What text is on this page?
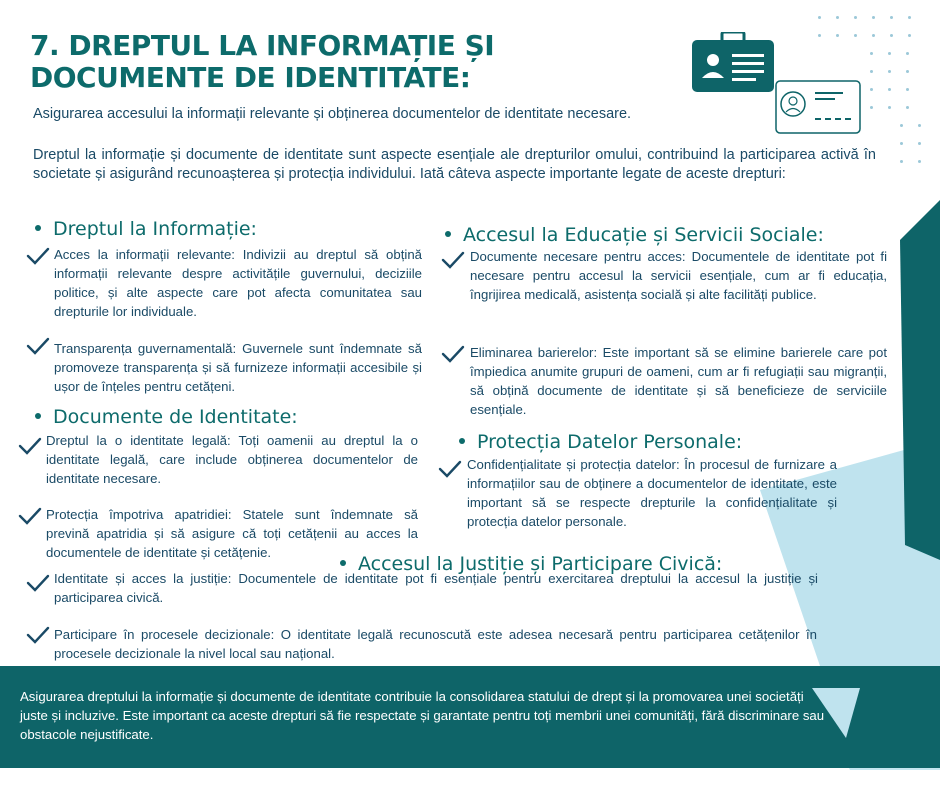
7. DREPTUL LA INFORMAȚIE ȘI DOCUMENTE DE IDENTITATE:
Asigurarea accesului la informații relevante și obținerea documentelor de identitate necesare.
Dreptul la informație și documente de identitate sunt aspecte esențiale ale drepturilor omului, contribuind la participarea activă în societate și asigurând recunoașterea și protecția individului. Iată câteva aspecte importante legate de aceste drepturi:
Dreptul la Informație:
Acces la informații relevante: Indivizii au dreptul să obțină informații relevante despre activitățile guvernului, deciziile politice, și alte aspecte care pot afecta comunitatea sau drepturile lor individuale.
Transparența guvernamentală: Guvernele sunt îndemnate să promoveze transparența și să furnizeze informații accesibile și ușor de înțeles pentru cetățeni.
Documente de Identitate:
Dreptul la o identitate legală: Toți oamenii au dreptul la o identitate legală, care include obținerea documentelor de identitate necesare.
Protecția împotriva apatridiei: Statele sunt îndemnate să prevină apatridia și să asigure că toți cetățenii au acces la documentele de identitate și cetățenie.
Accesul la Educație și Servicii Sociale:
Documente necesare pentru acces: Documentele de identitate pot fi necesare pentru accesul la servicii esențiale, cum ar fi educația, îngrijirea medicală, asistența socială și alte facilități publice.
Eliminarea barierelor: Este important să se elimine barierele care pot împiedica anumite grupuri de oameni, cum ar fi refugiații sau migranții, să obțină documente de identitate și să beneficieze de serviciile esențiale.
Protecția Datelor Personale:
Confidențialitate și protecția datelor: În procesul de furnizare a informațiilor sau de obținere a documentelor de identitate, este important să se respecte drepturile la confidențialitate și protecția datelor personale.
Accesul la Justiție și Participare Civică:
Identitate și acces la justiție: Documentele de identitate pot fi esențiale pentru exercitarea dreptului la accesul la justiție și participarea civică.
Participare în procesele decizionale: O identitate legală recunoscută este adesea necesară pentru participarea cetățenilor în procesele decizionale la nivel local sau național.
Asigurarea dreptului la informație și documente de identitate contribuie la consolidarea statului de drept și la promovarea unei societăți juste și incluzive. Este important ca aceste drepturi să fie respectate și garantate pentru toți membrii unei comunități, fără discriminare sau obstacole nejustificate.
